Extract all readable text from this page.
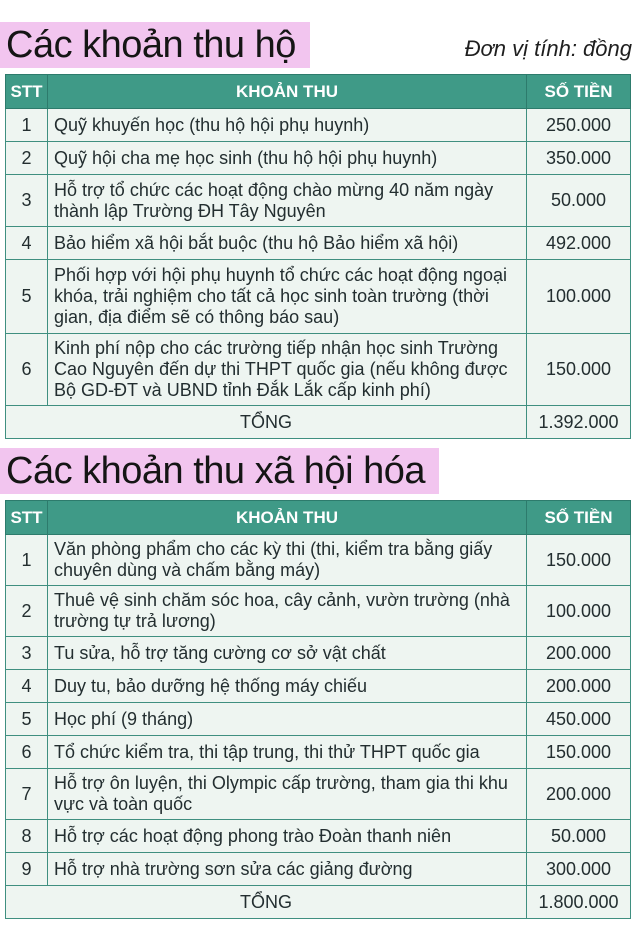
Các khoản thu hộ	Đơn vị tính: đồng
STT	KHOẢN THU	SỐ TIỀN
1	Quỹ khuyến học (thu hộ hội phụ huynh)	250.000
2	Quỹ hội cha mẹ học sinh (thu hộ hội phụ huynh)	350.000
3	Hỗ trợ tổ chức các hoạt động chào mừng 40 năm ngày thành lập Trường ĐH Tây Nguyên	50.000
4	Bảo hiểm xã hội bắt buộc (thu hộ Bảo hiểm xã hội)	492.000
5	Phối hợp với hội phụ huynh tổ chức các hoạt động ngoại khóa, trải nghiệm cho tất cả học sinh toàn trường (thời gian, địa điểm sẽ có thông báo sau)	100.000
6	Kinh phí nộp cho các trường tiếp nhận học sinh Trường Cao Nguyên đến dự thi THPT quốc gia (nếu không được Bộ GD-ĐT và UBND tỉnh Đắk Lắk cấp kinh phí)	150.000
TỔNG		1.392.000
Các khoản thu xã hội hóa
STT	KHOẢN THU	SỐ TIỀN
1	Văn phòng phẩm cho các kỳ thi (thi, kiểm tra bằng giấy chuyên dùng và chấm bằng máy)	150.000
2	Thuê vệ sinh chăm sóc hoa, cây cảnh, vườn trường (nhà trường tự trả lương)	100.000
3	Tu sửa, hỗ trợ tăng cường cơ sở vật chất	200.000
4	Duy tu, bảo dưỡng hệ thống máy chiếu	200.000
5	Học phí (9 tháng)	450.000
6	Tổ chức kiểm tra, thi tập trung, thi thử THPT quốc gia	150.000
7	Hỗ trợ ôn luyện, thi Olympic cấp trường, tham gia thi khu vực và toàn quốc	200.000
8	Hỗ trợ các hoạt động phong trào Đoàn thanh niên	50.000
9	Hỗ trợ nhà trường sơn sửa các giảng đường	300.000
TỔNG		1.800.000
